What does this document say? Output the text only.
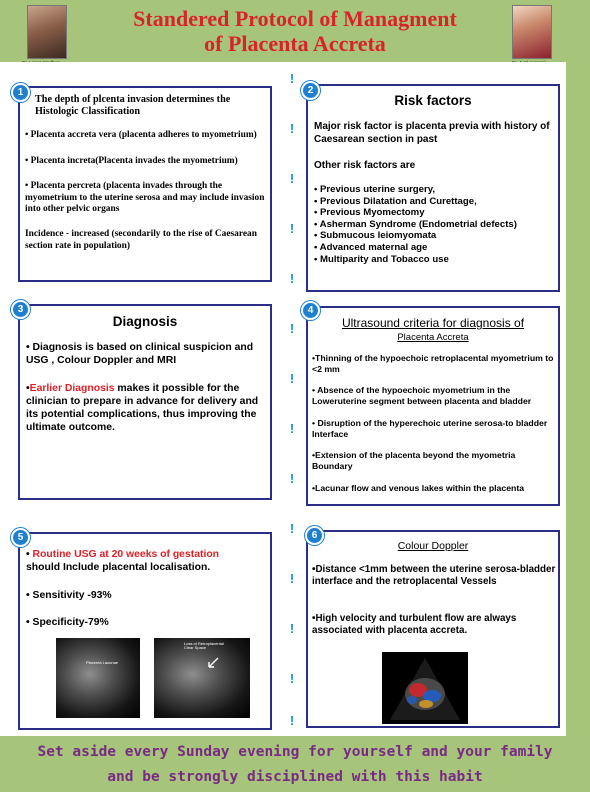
Standered Protocol of Managment
of Placenta Accreta
!
!
!
!
!
!
!
!
!
!
!
!
!
!
The depth of plcenta invasion determines the Histologic Classification
• Placenta accreta vera (placenta adheres to myometrium)
• Placenta increta(Placenta invades the myometrium)
• Placenta percreta (placenta invades through the myometrium to the uterine serosa and may include invasion into other pelvic organs
Incidence - increased (secondarily to the rise of Caesarean section rate in population)
1
Risk factors
Major risk factor is placenta previa with history of Caesarean section in past
Other risk factors are
• Previous uterine surgery,
• Previous Dilatation and Curettage,
• Previous Myomectomy
• Asherman Syndrome (Endometrial defects)
• Submucous leiomyomata
• Advanced maternal age
• Multiparity and Tobacco use
2
Diagnosis
• Diagnosis is based on clinical suspicion and USG , Colour Doppler and MRI
•Earlier Diagnosis makes it possible for the clinician to prepare in advance for delivery and its potential complications, thus improving the ultimate outcome.
3
Ultrasound criteria for diagnosis of
Placenta Accreta
•Thinning of the hypoechoic retroplacental myometrium to <2 mm
• Absence of the hypoechoic myometrium in the Loweruterine segment between placenta and bladder
• Disruption of the hyperechoic uterine serosa-to bladder Interface
•Extension of the placenta beyond the myometria Boundary
•Lacunar flow and venous lakes within the placenta
4
• Routine USG at 20 weeks of gestation
should Include placental localisation.
• Sensitivity -93%
• Specificity-79%
Placenta Lacunae
Loss of Retroplacental Clear Space
5
Colour Doppler
•Distance <1mm between the uterine serosa-bladder interface and the retroplacental Vessels
•High velocity and turbulent flow are always associated with placenta accreta.
6
Set aside every Sunday evening for yourself and your family
and be strongly disciplined with this habit
